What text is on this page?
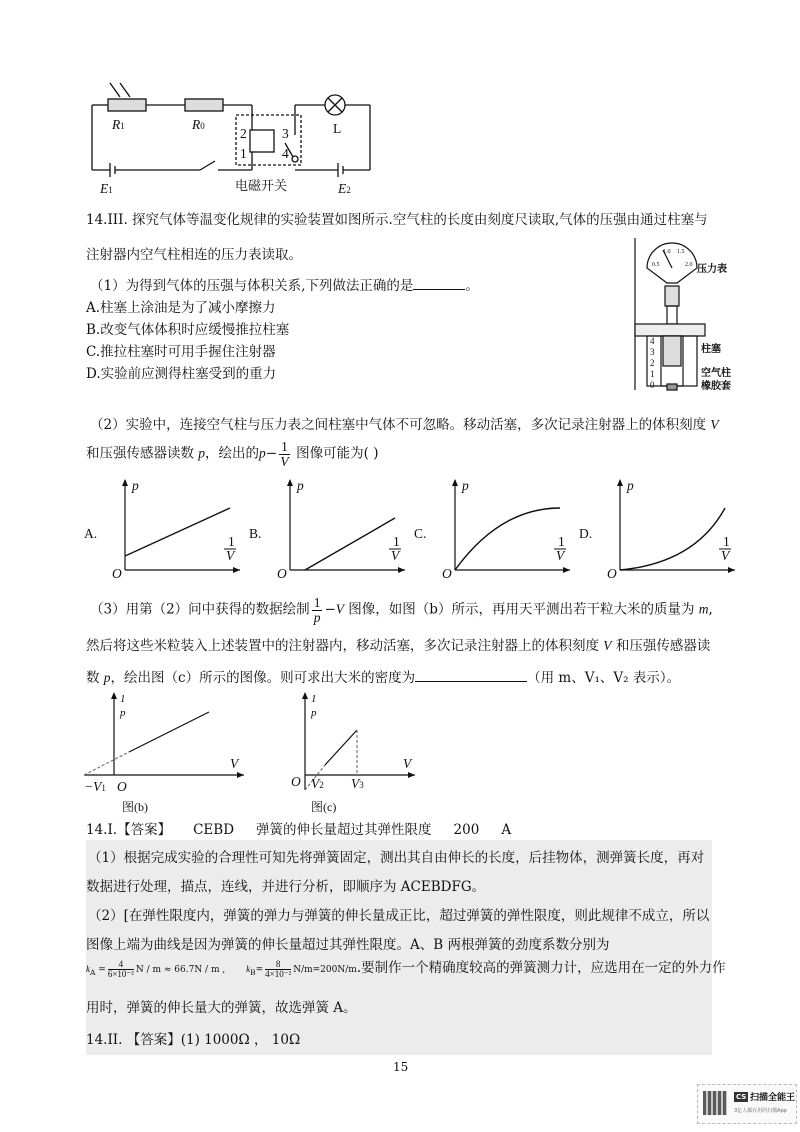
R1	R0	L
2
1
3
4
E1	E2
电磁开关
14.III. 探究气体等温变化规律的实验装置如图所示.空气柱的长度由刻度尺读取,气体的压强由通过柱塞与
注射器内空气柱相连的压力表读取。
（1）为得到气体的压强与体积关系,下列做法正确的是	。
A.柱塞上涂油是为了减小摩擦力
B.改变气体体积时应缓慢推拉柱塞
C.推拉柱塞时可用手握住注射器
D.实验前应测得柱塞受到的重力
0.5
1.0 1.5
2.0
4
3
2
1
0
压力表
柱塞
空气柱
橡胶套
（2）实验中，连接空气柱与压力表之间柱塞中气体不可忽略。移动活塞，多次记录注射器上的体积刻度 V
和压强传感器读数 p，绘出的$p- \frac{1}{V}$ 图像可能为( )
p
1
V
O
A.
p
1
V
O
B.
p
1
V
O
C.
p
1
V
O
D.
（3）用第（2）问中获得的数据绘制 $\frac{1}{p} -V$ 图像，如图（b）所示，再用天平测出若干粒大米的质量为 m,
然后将这些米粒装入上述装置中的注射器内，移动活塞，多次记录注射器上的体积刻度 V 和压强传感器读
数 p，绘出图（c）所示的图像。则可求出大米的密度为	（用 m、V₁、V₂ 表示）。
1
p
V
O
−V1
图(b)
1
p
V
O V2 V3
图(c)
14.I.【答案】 CEBD 弹簧的伸长量超过其弹性限度 200 A
（1）根据完成实验的合理性可知先将弹簧固定，测出其自由伸长的长度，后挂物体，测弹簧长度，再对
数据进行处理，描点，连线，并进行分析，即顺序为 ACEBDFG。
（2）[在弹性限度内，弹簧的弹力与弹簧的伸长量成正比，超过弹簧的弹性限度，则此规律不成立，所以
图像上端为曲线是因为弹簧的伸长量超过其弹性限度。A、B 两根弹簧的劲度系数分别为
$k_A = \frac{4}{\text{6×10⁻²}}$ N / m ≈ 66.7N / m , $k_B= \frac{8}{\text{4×10⁻²}} N/m=200N/m$.要制作一个精确度较高的弹簧测力计，应选用在一定的外力作
用时，弹簧的伸长量大的弹簧，故选弹簧 A。
14.II. 【答案】(1) 1000Ω ， 10Ω
15
CS 扫描全能王
3亿人都在用的扫描App
